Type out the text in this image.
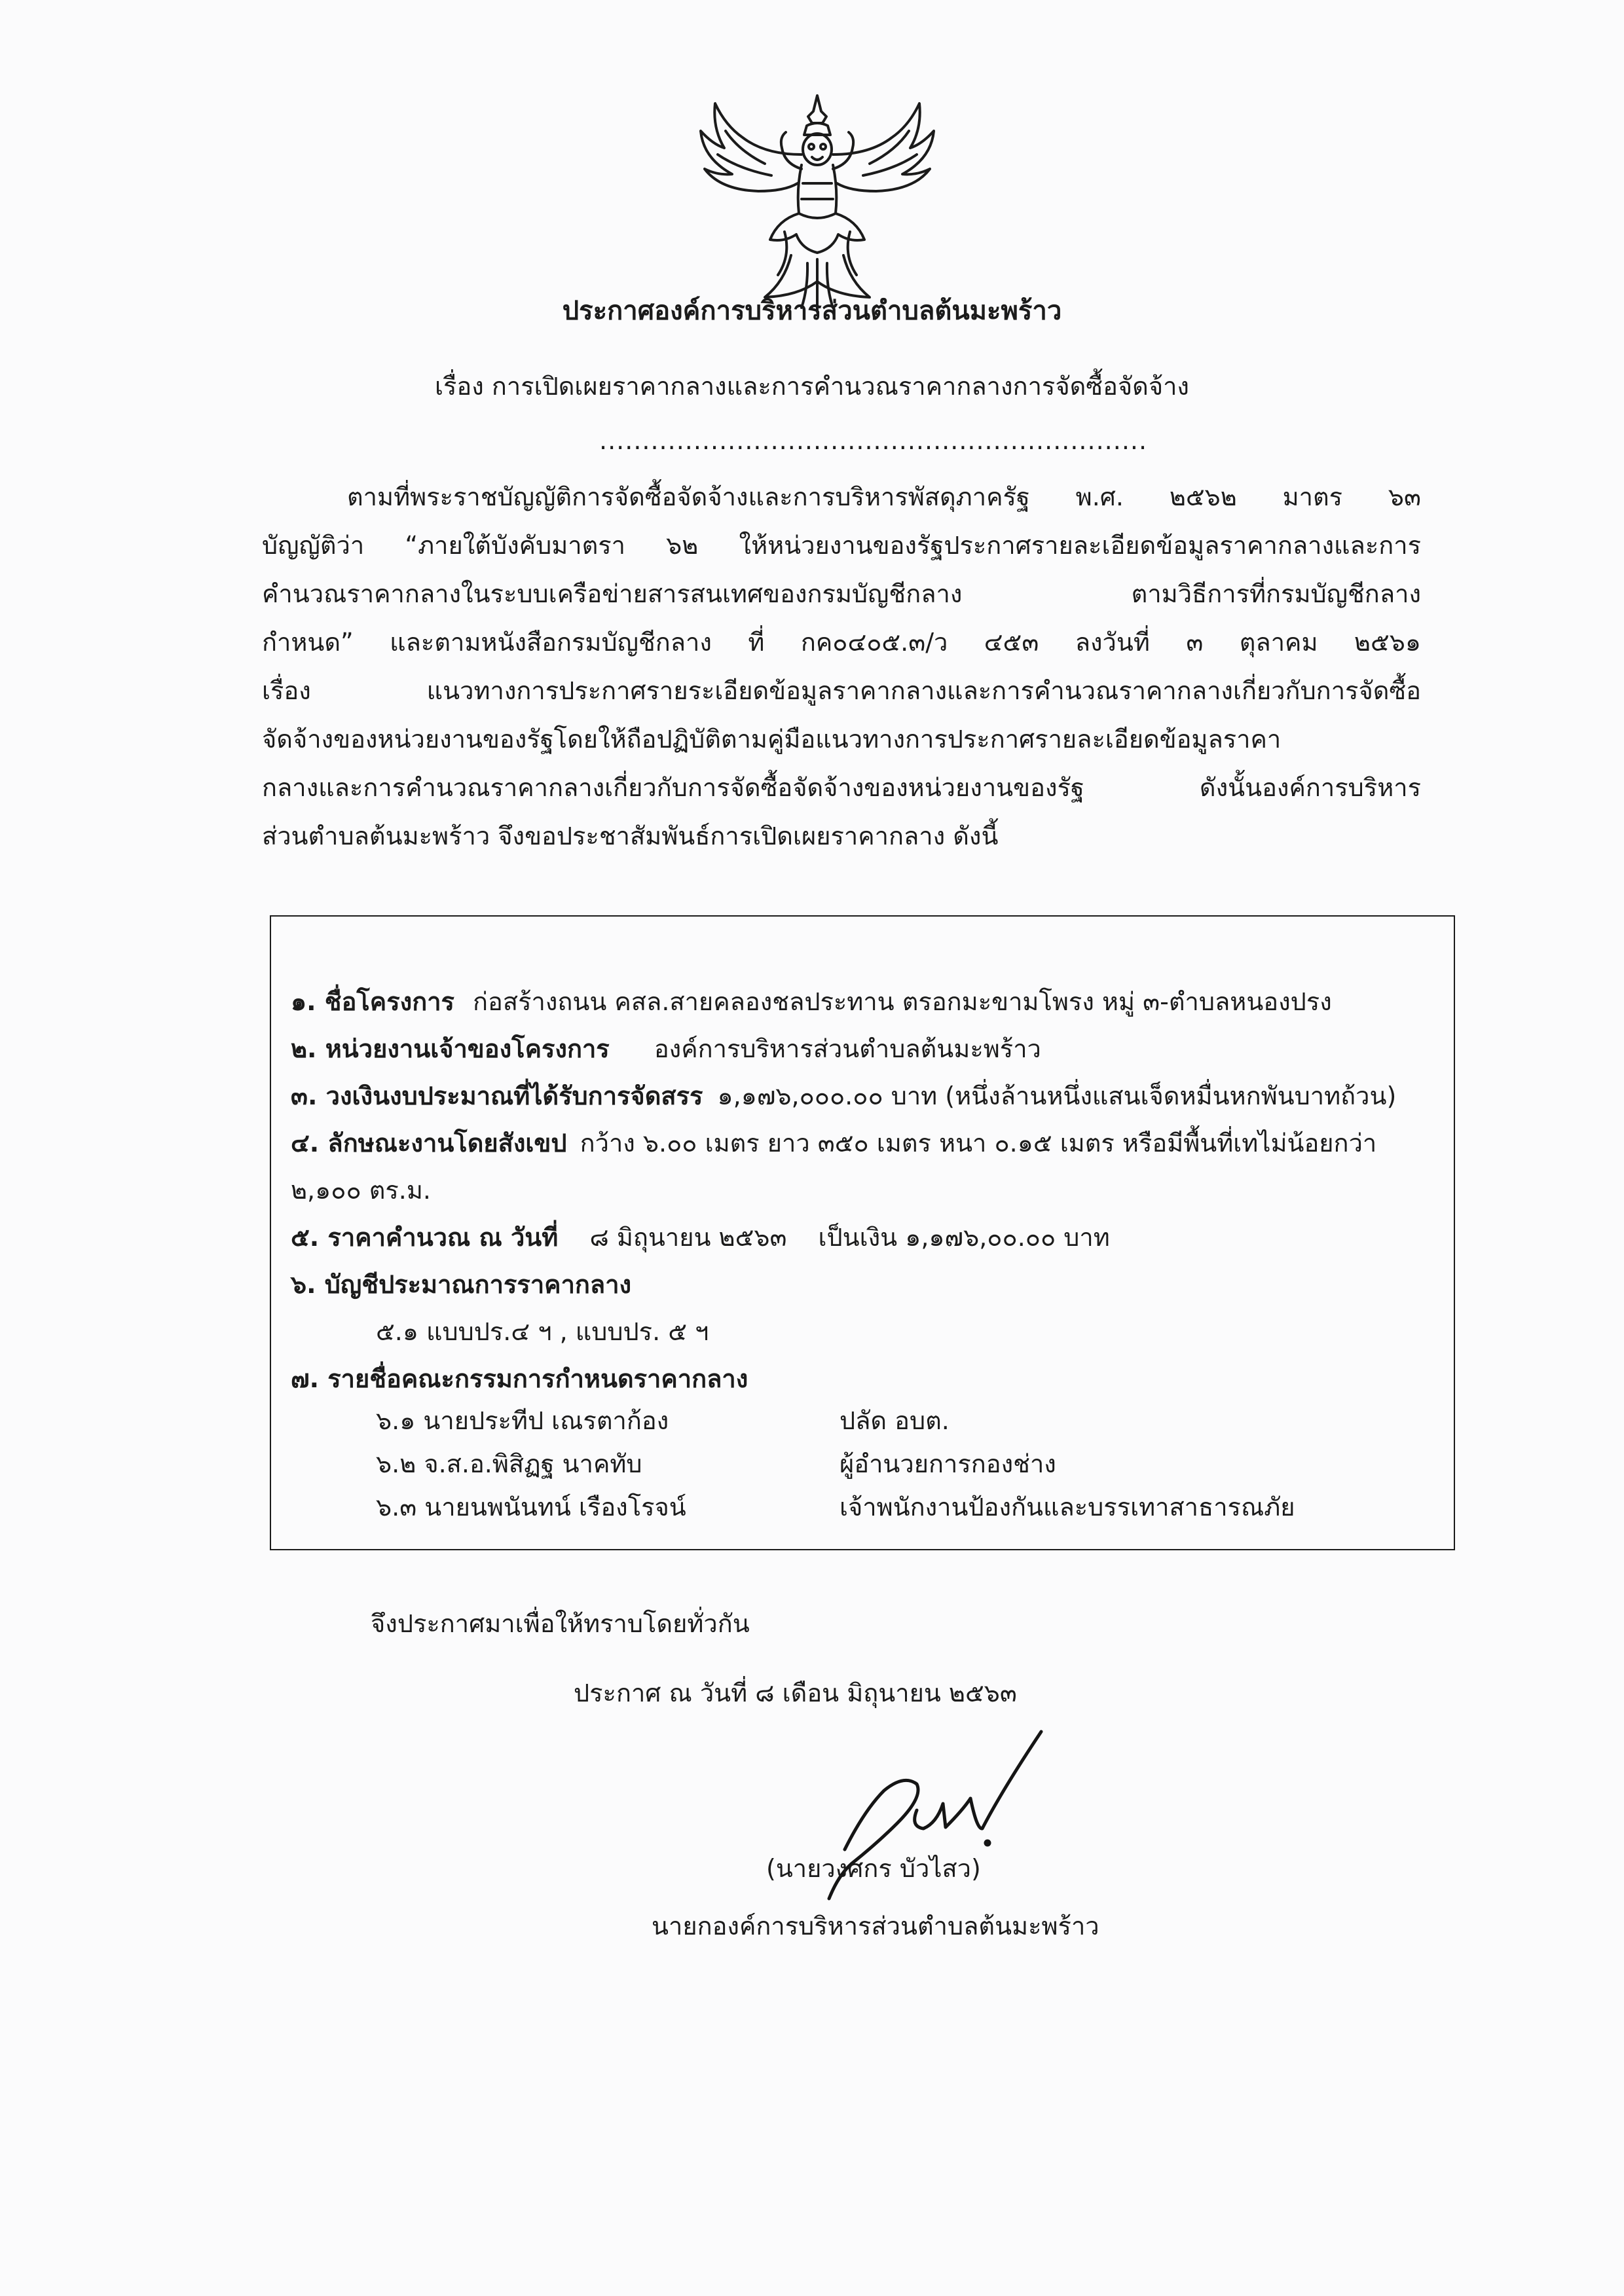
ประกาศองค์การบริหารส่วนตำบลต้นมะพร้าว
เรื่อง การเปิดเผยราคากลางและการคำนวณราคากลางการจัดซื้อจัดจ้าง
................................................................
ตามที่พระราชบัญญัติการจัดซื้อจัดจ้างและการบริหารพัสดุภาครัฐ พ.ศ. ๒๕๖๒ มาตร ๖๓
บัญญัติว่า “ภายใต้บังคับมาตรา ๖๒ ให้หน่วยงานของรัฐประกาศรายละเอียดข้อมูลราคากลางและการ
คำนวณราคากลางในระบบเครือข่ายสารสนเทศของกรมบัญชีกลาง ตามวิธีการที่กรมบัญชีกลาง
กำหนด” และตามหนังสือกรมบัญชีกลาง ที่ กค๐๔๐๕.๓/ว ๔๕๓ ลงวันที่ ๓ ตุลาคม ๒๕๖๑
เรื่อง แนวทางการประกาศรายระเอียดข้อมูลราคากลางและการคำนวณราคากลางเกี่ยวกับการจัดซื้อ
จัดจ้างของหน่วยงานของรัฐโดยให้ถือปฏิบัติตามคู่มือแนวทางการประกาศรายละเอียดข้อมูลราคา
กลางและการคำนวณราคากลางเกี่ยวกับการจัดซื้อจัดจ้างของหน่วยงานของรัฐ ดังนั้นองค์การบริหาร
ส่วนตำบลต้นมะพร้าว จึงขอประชาสัมพันธ์การเปิดเผยราคากลาง ดังนี้
๑. ชื่อโครงการ ก่อสร้างถนน คสล.สายคลองชลประทาน ตรอกมะขามโพรง หมู่ ๓-ตำบลหนองปรง
๒. หน่วยงานเจ้าของโครงการ องค์การบริหารส่วนตำบลต้นมะพร้าว
๓. วงเงินงบประมาณที่ได้รับการจัดสรร ๑,๑๗๖,๐๐๐.๐๐ บาท (หนึ่งล้านหนึ่งแสนเจ็ดหมื่นหกพันบาทถ้วน)
๔. ลักษณะงานโดยสังเขป กว้าง ๖.๐๐ เมตร ยาว ๓๕๐ เมตร หนา ๐.๑๕ เมตร หรือมีพื้นที่เทไม่น้อยกว่า
๒,๑๐๐ ตร.ม.
๕. ราคาคำนวณ ณ วันที่ ๘ มิถุนายน ๒๕๖๓ เป็นเงิน ๑,๑๗๖,๐๐.๐๐ บาท
๖. บัญชีประมาณการราคากลาง
๕.๑ แบบปร.๔ ฯ , แบบปร. ๕ ฯ
๗. รายชื่อคณะกรรมการกำหนดราคากลาง
๖.๑ นายประทีป เณรตาก้อง	ปลัด อบต.
๖.๒ จ.ส.อ.พิสิฏฐ นาคทับ	ผู้อำนวยการกองช่าง
๖.๓ นายนพนันทน์ เรืองโรจน์	เจ้าพนักงานป้องกันและบรรเทาสาธารณภัย
จึงประกาศมาเพื่อให้ทราบโดยทั่วกัน
ประกาศ ณ วันที่ ๘ เดือน มิถุนายน ๒๕๖๓
(นายวงศกร บัวไสว)
นายกองค์การบริหารส่วนตำบลต้นมะพร้าว
